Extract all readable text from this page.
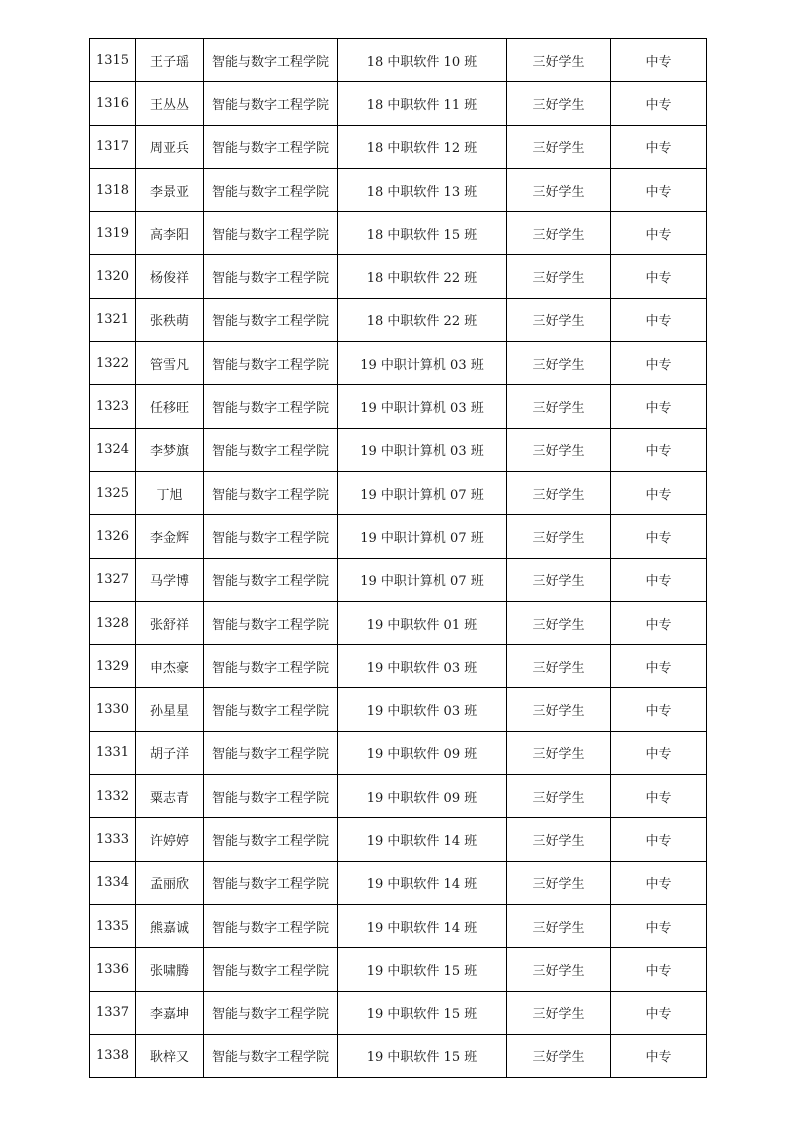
1315	王子瑶	智能与数字工程学院	18 中职软件 10 班	三好学生	中专
1316	王丛丛	智能与数字工程学院	18 中职软件 11 班	三好学生	中专
1317	周亚兵	智能与数字工程学院	18 中职软件 12 班	三好学生	中专
1318	李景亚	智能与数字工程学院	18 中职软件 13 班	三好学生	中专
1319	高李阳	智能与数字工程学院	18 中职软件 15 班	三好学生	中专
1320	杨俊祥	智能与数字工程学院	18 中职软件 22 班	三好学生	中专
1321	张秩萌	智能与数字工程学院	18 中职软件 22 班	三好学生	中专
1322	管雪凡	智能与数字工程学院	19 中职计算机 03 班	三好学生	中专
1323	任移旺	智能与数字工程学院	19 中职计算机 03 班	三好学生	中专
1324	李梦旗	智能与数字工程学院	19 中职计算机 03 班	三好学生	中专
1325	丁旭	智能与数字工程学院	19 中职计算机 07 班	三好学生	中专
1326	李金辉	智能与数字工程学院	19 中职计算机 07 班	三好学生	中专
1327	马学博	智能与数字工程学院	19 中职计算机 07 班	三好学生	中专
1328	张舒祥	智能与数字工程学院	19 中职软件 01 班	三好学生	中专
1329	申杰豪	智能与数字工程学院	19 中职软件 03 班	三好学生	中专
1330	孙星星	智能与数字工程学院	19 中职软件 03 班	三好学生	中专
1331	胡子洋	智能与数字工程学院	19 中职软件 09 班	三好学生	中专
1332	粟志青	智能与数字工程学院	19 中职软件 09 班	三好学生	中专
1333	许婷婷	智能与数字工程学院	19 中职软件 14 班	三好学生	中专
1334	孟丽欣	智能与数字工程学院	19 中职软件 14 班	三好学生	中专
1335	熊嘉诚	智能与数字工程学院	19 中职软件 14 班	三好学生	中专
1336	张啸腾	智能与数字工程学院	19 中职软件 15 班	三好学生	中专
1337	李嘉坤	智能与数字工程学院	19 中职软件 15 班	三好学生	中专
1338	耿梓又	智能与数字工程学院	19 中职软件 15 班	三好学生	中专
